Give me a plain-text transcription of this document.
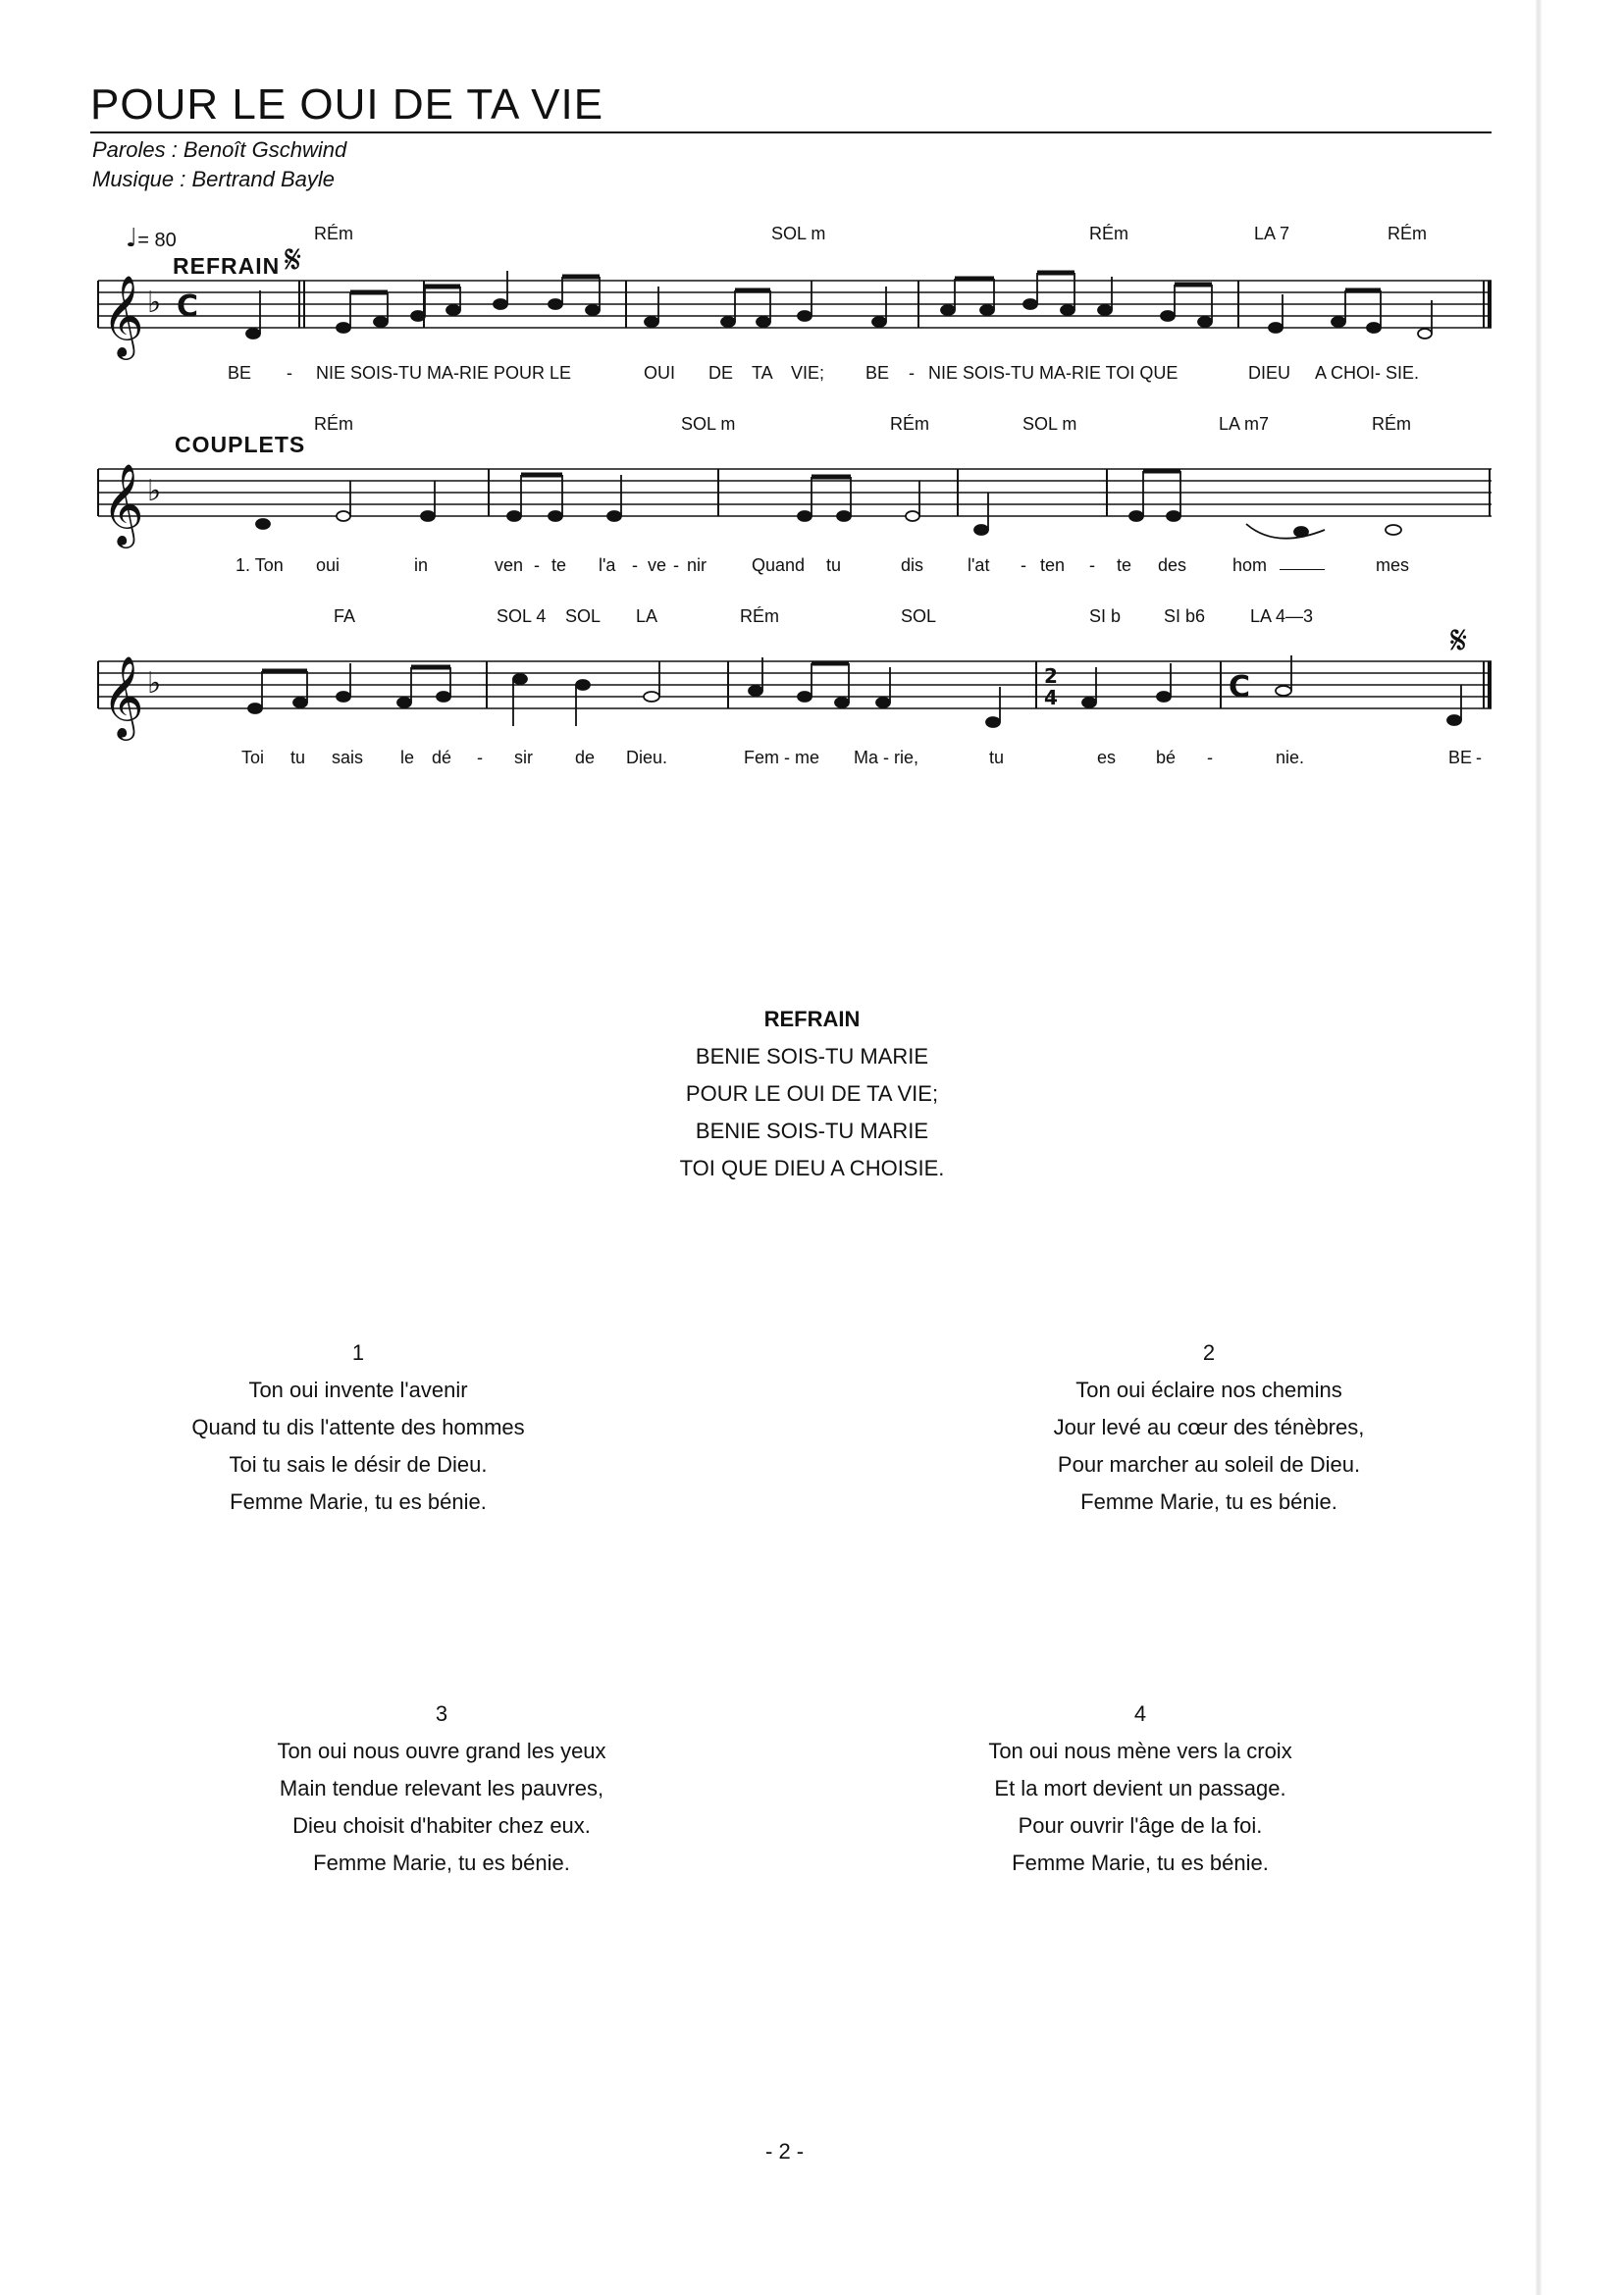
POUR LE OUI DE TA VIE
Paroles : Benoît Gschwind
Musique : Bertrand Bayle
♩= 80
REFRAIN 𝄋
COUPLETS
𝄋
RÉm	SOL m	RÉm	LA 7	RÉm
RÉm	SOL m	RÉm	SOL m	LA m7	RÉm
FA	SOL 4 SOL LA	RÉm	SOL	SI b SI b6	LA 4—3
𝄞 ♭ C
𝄞 ♭
𝄞 ♭	2
4	C
BE - NIE SOIS-TU MA-RIE POUR LE	OUI DE TA VIE; BE - NIE SOIS-TU MA-RIE TOI QUE	DIEU A CHOI- SIE.
1. Ton oui	in	ven - te l'a - ve - nir	Quand tu	dis l'at - ten - te des	hom	mes
Toi tu sais le dé - sir de Dieu.	Fem - me Ma - rie,	tu	es bé -	nie.	BE -
REFRAIN
BENIE SOIS-TU MARIE
POUR LE OUI DE TA VIE;
BENIE SOIS-TU MARIE
TOI QUE DIEU A CHOISIE.
1
Ton oui invente l'avenir
Quand tu dis l'attente des hommes
Toi tu sais le désir de Dieu.
Femme Marie, tu es bénie.
2
Ton oui éclaire nos chemins
Jour levé au cœur des ténèbres,
Pour marcher au soleil de Dieu.
Femme Marie, tu es bénie.
3
Ton oui nous ouvre grand les yeux
Main tendue relevant les pauvres,
Dieu choisit d'habiter chez eux.
Femme Marie, tu es bénie.
4
Ton oui nous mène vers la croix
Et la mort devient un passage.
Pour ouvrir l'âge de la foi.
Femme Marie, tu es bénie.
- 2 -
